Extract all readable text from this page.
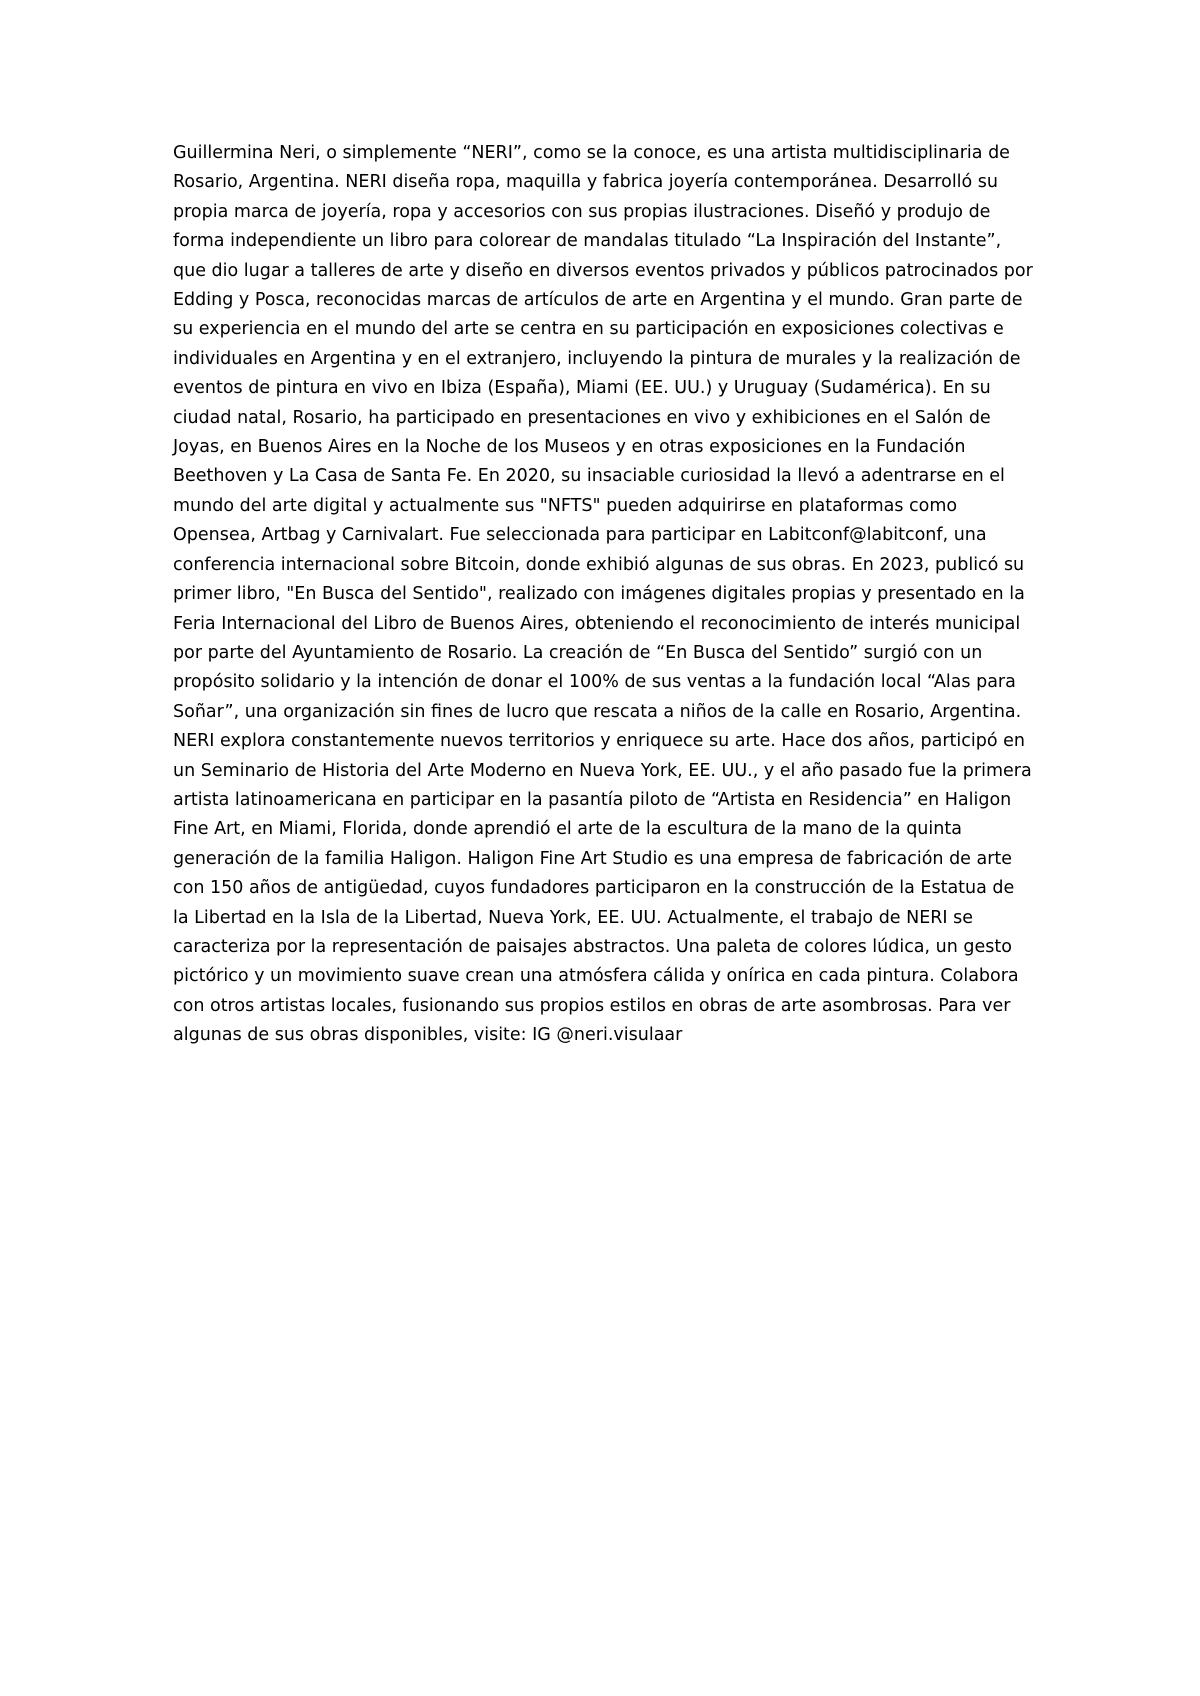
Guillermina Neri, o simplemente “NERI”, como se la conoce, es una artista multidisciplinaria de Rosario, Argentina. NERI diseña ropa, maquilla y fabrica joyería contemporánea. Desarrolló su propia marca de joyería, ropa y accesorios con sus propias ilustraciones. Diseñó y produjo de forma independiente un libro para colorear de mandalas titulado “La Inspiración del Instante”, que dio lugar a talleres de arte y diseño en diversos eventos privados y públicos patrocinados por Edding y Posca, reconocidas marcas de artículos de arte en Argentina y el mundo. Gran parte de su experiencia en el mundo del arte se centra en su participación en exposiciones colectivas e individuales en Argentina y en el extranjero, incluyendo la pintura de murales y la realización de eventos de pintura en vivo en Ibiza (España), Miami (EE. UU.) y Uruguay (Sudamérica). En su ciudad natal, Rosario, ha participado en presentaciones en vivo y exhibiciones en el Salón de Joyas, en Buenos Aires en la Noche de los Museos y en otras exposiciones en la Fundación Beethoven y La Casa de Santa Fe. En 2020, su insaciable curiosidad la llevó a adentrarse en el mundo del arte digital y actualmente sus "NFTS" pueden adquirirse en plataformas como Opensea, Artbag y Carnivalart. Fue seleccionada para participar en Labitconf@labitconf, una conferencia internacional sobre Bitcoin, donde exhibió algunas de sus obras. En 2023, publicó su primer libro, "En Busca del Sentido", realizado con imágenes digitales propias y presentado en la Feria Internacional del Libro de Buenos Aires, obteniendo el reconocimiento de interés municipal por parte del Ayuntamiento de Rosario. La creación de “En Busca del Sentido” surgió con un propósito solidario y la intención de donar el 100% de sus ventas a la fundación local “Alas para Soñar”, una organización sin fines de lucro que rescata a niños de la calle en Rosario, Argentina. NERI explora constantemente nuevos territorios y enriquece su arte. Hace dos años, participó en un Seminario de Historia del Arte Moderno en Nueva York, EE. UU., y el año pasado fue la primera artista latinoamericana en participar en la pasantía piloto de “Artista en Residencia” en Haligon Fine Art, en Miami, Florida, donde aprendió el arte de la escultura de la mano de la quinta generación de la familia Haligon. Haligon Fine Art Studio es una empresa de fabricación de arte con 150 años de antigüedad, cuyos fundadores participaron en la construcción de la Estatua de la Libertad en la Isla de la Libertad, Nueva York, EE. UU. Actualmente, el trabajo de NERI se caracteriza por la representación de paisajes abstractos. Una paleta de colores lúdica, un gesto pictórico y un movimiento suave crean una atmósfera cálida y onírica en cada pintura. Colabora con otros artistas locales, fusionando sus propios estilos en obras de arte asombrosas. Para ver algunas de sus obras disponibles, visite: IG @neri.visulaar
